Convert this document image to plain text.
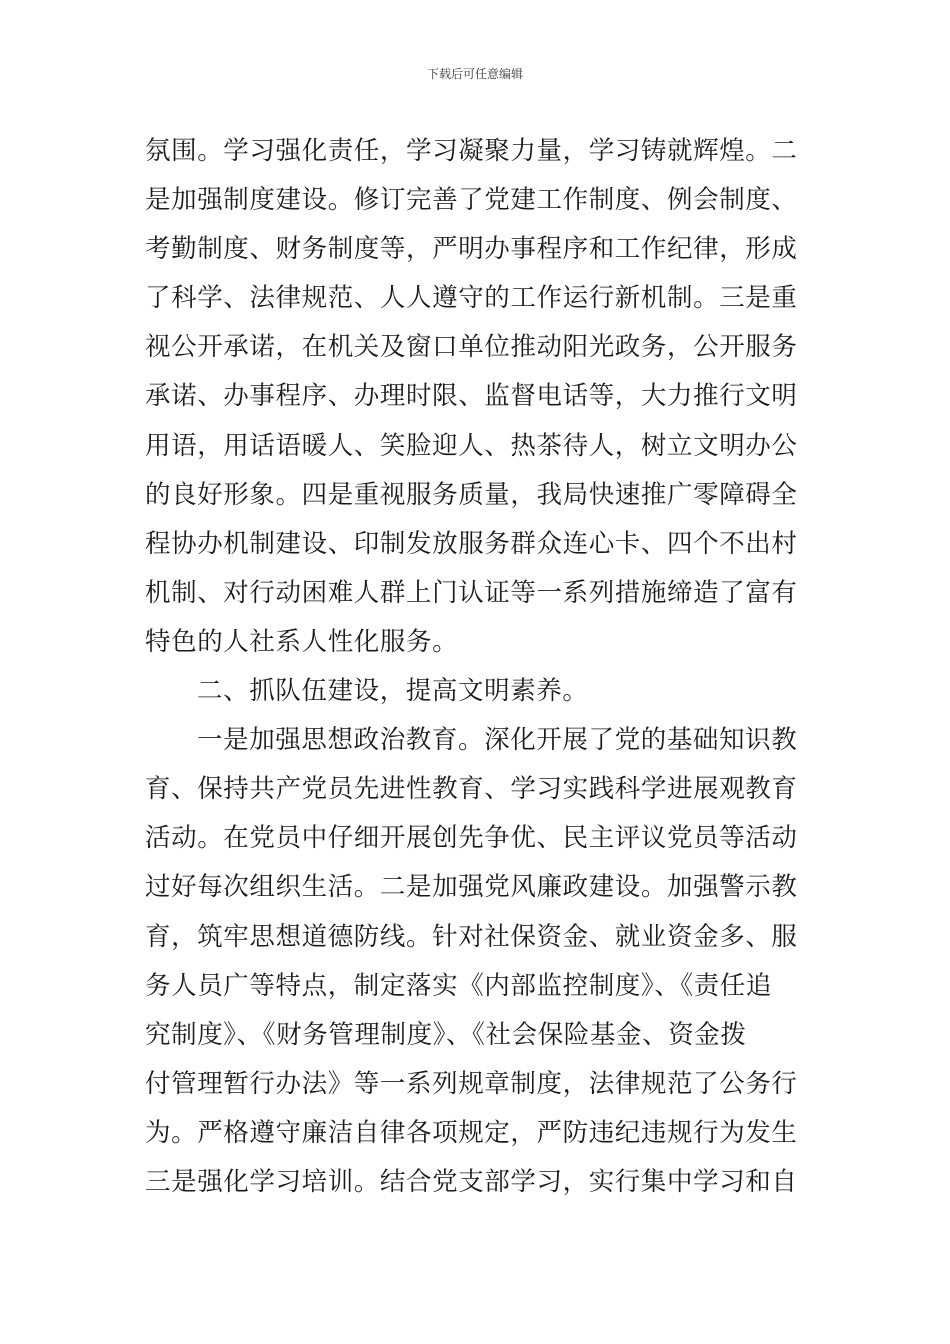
下载后可任意编辑
氛围。学习强化责任，学习凝聚力量，学习铸就辉煌。二
是加强制度建设。修订完善了党建工作制度、例会制度、
考勤制度、财务制度等，严明办事程序和工作纪律，形成
了科学、法律规范、人人遵守的工作运行新机制。三是重
视公开承诺，在机关及窗口单位推动阳光政务，公开服务
承诺、办事程序、办理时限、监督电话等，大力推行文明
用语，用话语暖人、笑脸迎人、热茶待人，树立文明办公
的良好形象。四是重视服务质量，我局快速推广零障碍全
程协办机制建设、印制发放服务群众连心卡、四个不出村
机制、对行动困难人群上门认证等一系列措施缔造了富有
特色的人社系人性化服务。
二、抓队伍建设，提高文明素养。
一是加强思想政治教育。深化开展了党的基础知识教
育、保持共产党员先进性教育、学习实践科学进展观教育
活动。在党员中仔细开展创先争优、民主评议党员等活动
过好每次组织生活。二是加强党风廉政建设。加强警示教
育，筑牢思想道德防线。针对社保资金、就业资金多、服
务人员广等特点，制定落实《内部监控制度》、《责任追
究制度》、《财务管理制度》、《社会保险基金、资金拨
付管理暂行办法》等一系列规章制度，法律规范了公务行
为。严格遵守廉洁自律各项规定，严防违纪违规行为发生
三是强化学习培训。结合党支部学习，实行集中学习和自
